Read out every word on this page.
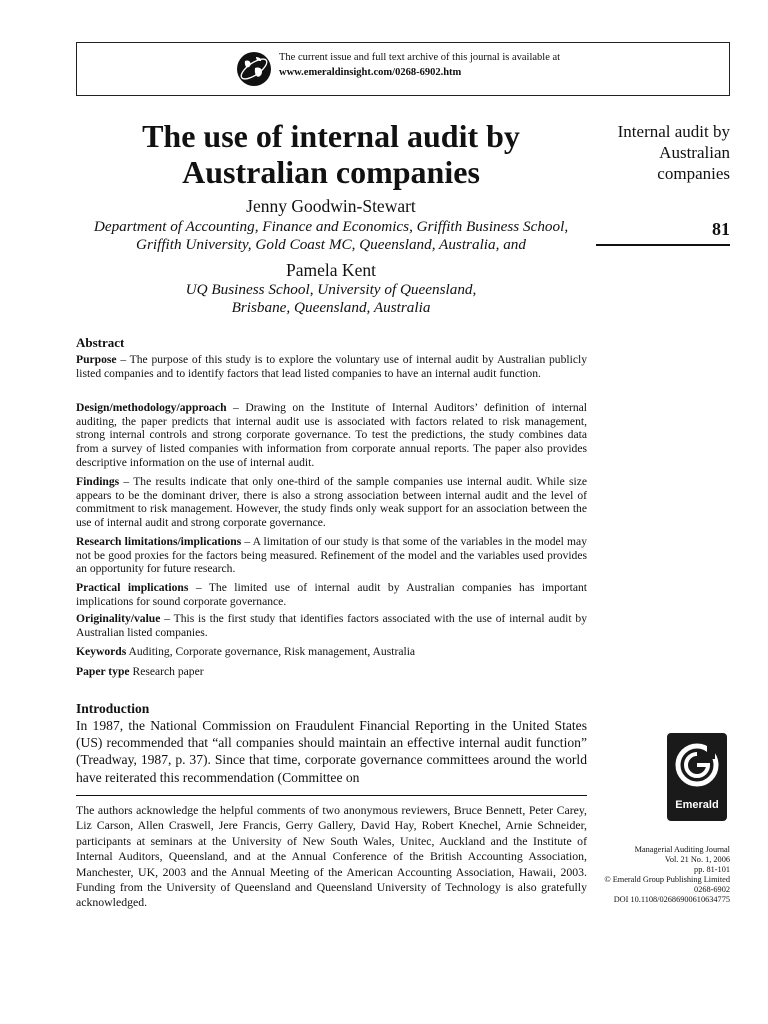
The current issue and full text archive of this journal is available at
www.emeraldinsight.com/0268-6902.htm
The use of internal audit by
Australian companies
Jenny Goodwin-Stewart
Department of Accounting, Finance and Economics, Griffith Business School,
Griffith University, Gold Coast MC, Queensland, Australia, and
Pamela Kent
UQ Business School, University of Queensland,
Brisbane, Queensland, Australia
Internal audit by
Australian
companies
81
Abstract

Purpose – The purpose of this study is to explore the voluntary use of internal audit by Australian publicly listed companies and to identify factors that lead listed companies to have an internal audit function.

Design/methodology/approach – Drawing on the Institute of Internal Auditors’ definition of internal auditing, the paper predicts that internal audit use is associated with factors related to risk management, strong internal controls and strong corporate governance. To test the predictions, the study combines data from a survey of listed companies with information from corporate annual reports. The paper also provides descriptive information on the use of internal audit.

Findings – The results indicate that only one-third of the sample companies use internal audit. While size appears to be the dominant driver, there is also a strong association between internal audit and the level of commitment to risk management. However, the study finds only weak support for an association between the use of internal audit and strong corporate governance.

Research limitations/implications – A limitation of our study is that some of the variables in the model may not be good proxies for the factors being measured. Refinement of the model and the variables used provides an opportunity for future research.

Practical implications – The limited use of internal audit by Australian companies has important implications for sound corporate governance.

Originality/value – This is the first study that identifies factors associated with the use of internal audit by Australian listed companies.

Keywords Auditing, Corporate governance, Risk management, Australia
Paper type Research paper
Introduction

In 1987, the National Commission on Fraudulent Financial Reporting in the United States (US) recommended that “all companies should maintain an effective internal audit function” (Treadway, 1987, p. 37). Since that time, corporate governance committees around the world have reiterated this recommendation (Committee on

The authors acknowledge the helpful comments of two anonymous reviewers, Bruce Bennett, Peter Carey, Liz Carson, Allen Craswell, Jere Francis, Gerry Gallery, David Hay, Robert Knechel, Arnie Schneider, participants at seminars at the University of New South Wales, Unitec, Auckland and the Institute of Internal Auditors, Queensland, and at the Annual Conference of the British Accounting Association, Manchester, UK, 2003 and the Annual Meeting of the American Accounting Association, Hawaii, 2003. Funding from the University of Queensland and Queensland University of Technology is also gratefully acknowledged.

Emerald
Managerial Auditing Journal
Vol. 21 No. 1, 2006
pp. 81-101
© Emerald Group Publishing Limited
0268-6902
DOI 10.1108/02686900610634775
